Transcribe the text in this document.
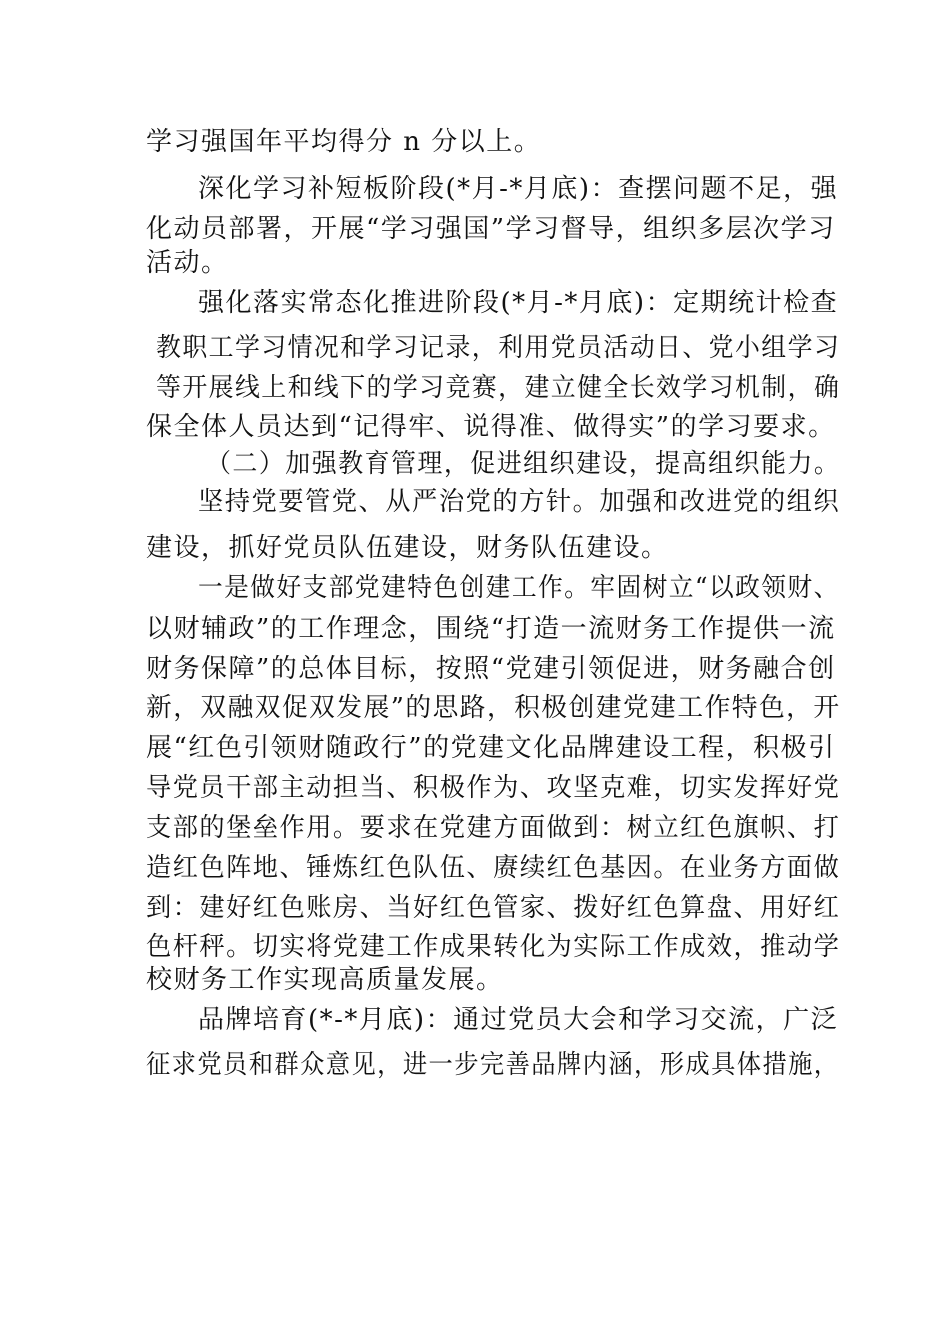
学习强国年平均得分 n 分以上。
深化学习补短板阶段(*月-*月底)：查摆问题不足，强
化动员部署，开展“学习强国”学习督导，组织多层次学习
活动。
强化落实常态化推进阶段(*月-*月底)：定期统计检查
教职工学习情况和学习记录，利用党员活动日、党小组学习
等开展线上和线下的学习竞赛，建立健全长效学习机制，确
保全体人员达到“记得牢、说得准、做得实”的学习要求。
（二）加强教育管理，促进组织建设，提高组织能力。
坚持党要管党、从严治党的方针。加强和改进党的组织
建设，抓好党员队伍建设，财务队伍建设。
一是做好支部党建特色创建工作。牢固树立“以政领财、
以财辅政”的工作理念，围绕“打造一流财务工作提供一流
财务保障”的总体目标，按照“党建引领促进，财务融合创
新，双融双促双发展”的思路，积极创建党建工作特色，开
展“红色引领财随政行”的党建文化品牌建设工程，积极引
导党员干部主动担当、积极作为、攻坚克难，切实发挥好党
支部的堡垒作用。要求在党建方面做到：树立红色旗帜、打
造红色阵地、锤炼红色队伍、赓续红色基因。在业务方面做
到：建好红色账房、当好红色管家、拨好红色算盘、用好红
色杆秤。切实将党建工作成果转化为实际工作成效，推动学
校财务工作实现高质量发展。
品牌培育(*-*月底)：通过党员大会和学习交流，广泛
征求党员和群众意见，进一步完善品牌内涵，形成具体措施，
